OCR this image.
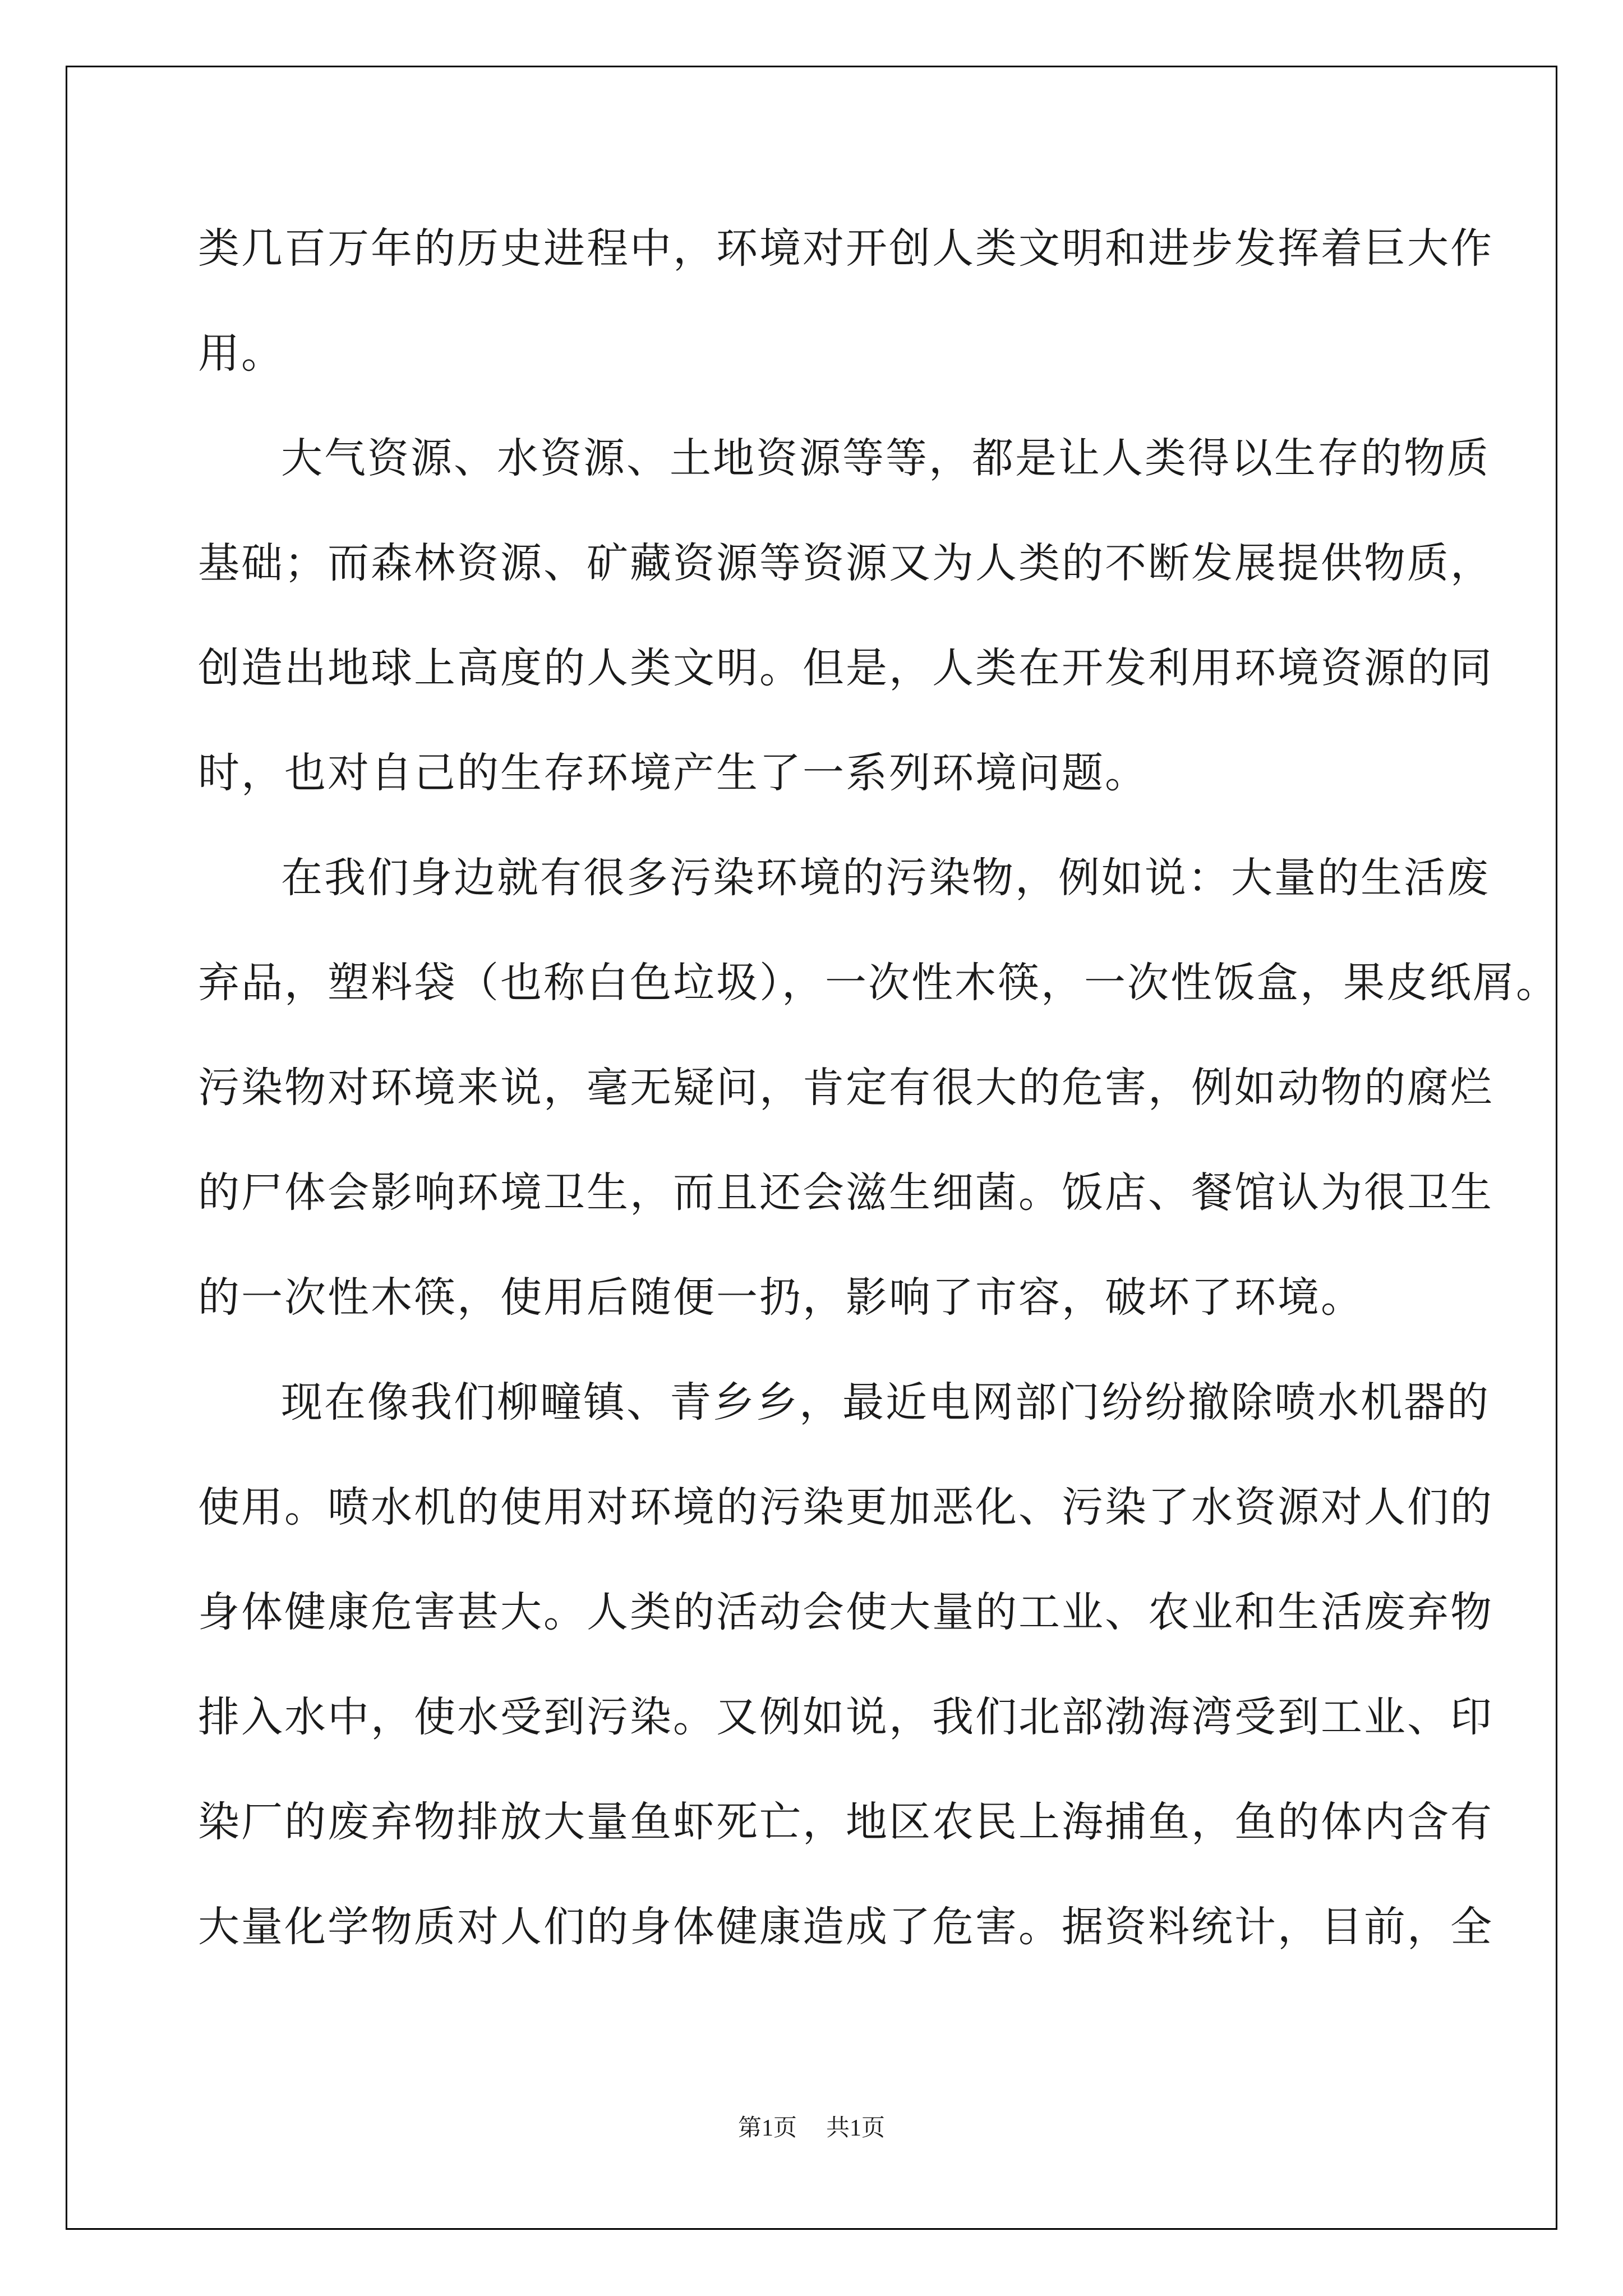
类几百万年的历史进程中，环境对开创人类文明和进步发挥着巨大作
用。
大气资源、水资源、土地资源等等，都是让人类得以生存的物质
基础；而森林资源、矿藏资源等资源又为人类的不断发展提供物质，
创造出地球上高度的人类文明。但是，人类在开发利用环境资源的同
时，也对自己的生存环境产生了一系列环境问题。
在我们身边就有很多污染环境的污染物，例如说：大量的生活废
弃品，塑料袋（也称白色垃圾），一次性木筷，一次性饭盒，果皮纸屑。
污染物对环境来说，毫无疑问，肯定有很大的危害，例如动物的腐烂
的尸体会影响环境卫生，而且还会滋生细菌。饭店、餐馆认为很卫生
的一次性木筷，使用后随便一扔，影响了市容，破坏了环境。
现在像我们柳疃镇、青乡乡，最近电网部门纷纷撤除喷水机器的
使用。喷水机的使用对环境的污染更加恶化、污染了水资源对人们的
身体健康危害甚大。人类的活动会使大量的工业、农业和生活废弃物
排入水中，使水受到污染。又例如说，我们北部渤海湾受到工业、印
染厂的废弃物排放大量鱼虾死亡，地区农民上海捕鱼，鱼的体内含有
大量化学物质对人们的身体健康造成了危害。据资料统计，目前，全
第1页 共1页
